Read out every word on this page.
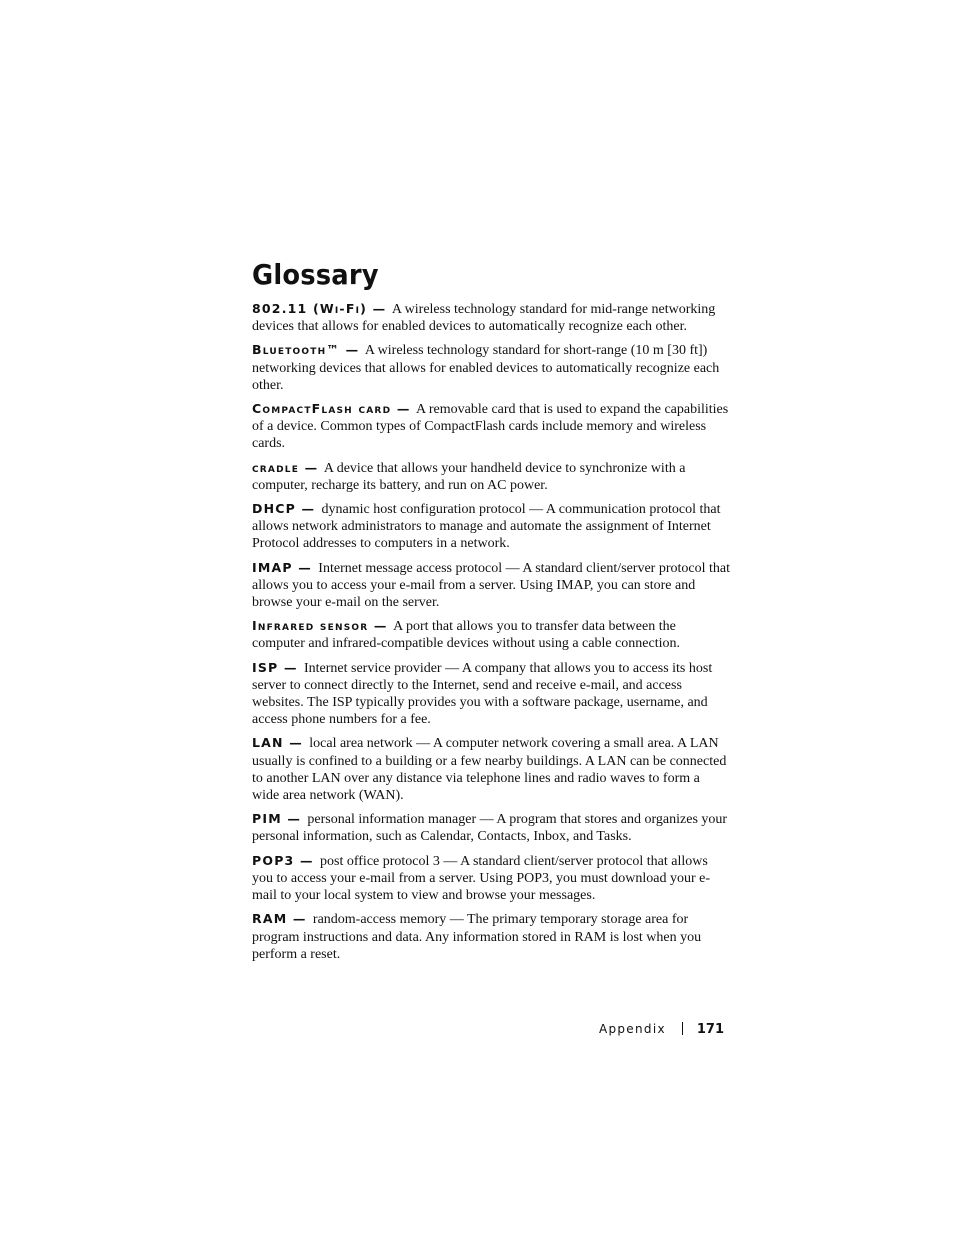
Glossary

802.11 (Wi-Fi) — A wireless technology standard for mid-range networking devices that allows for enabled devices to automatically recognize each other.

Bluetooth™ — A wireless technology standard for short-range (10 m [30 ft]) networking devices that allows for enabled devices to automatically recognize each other.

CompactFlash card — A removable card that is used to expand the capabilities of a device. Common types of CompactFlash cards include memory and wireless cards.

cradle — A device that allows your handheld device to synchronize with a computer, recharge its battery, and run on AC power.

DHCP — dynamic host configuration protocol — A communication protocol that allows network administrators to manage and automate the assignment of Internet Protocol addresses to computers in a network.

IMAP — Internet message access protocol — A standard client/server protocol that allows you to access your e-mail from a server. Using IMAP, you can store and browse your e-mail on the server.

Infrared sensor — A port that allows you to transfer data between the computer and infrared-compatible devices without using a cable connection.

ISP — Internet service provider — A company that allows you to access its host server to connect directly to the Internet, send and receive e-mail, and access websites. The ISP typically provides you with a software package, username, and access phone numbers for a fee.

LAN — local area network — A computer network covering a small area. A LAN usually is confined to a building or a few nearby buildings. A LAN can be connected to another LAN over any distance via telephone lines and radio waves to form a wide area network (WAN).

PIM — personal information manager — A program that stores and organizes your personal information, such as Calendar, Contacts, Inbox, and Tasks.

POP3 — post office protocol 3 — A standard client/server protocol that allows you to access your e-mail from a server. Using POP3, you must download your e-mail to your local system to view and browse your messages.

RAM — random-access memory — The primary temporary storage area for program instructions and data. Any information stored in RAM is lost when you perform a reset.

Appendix 171
